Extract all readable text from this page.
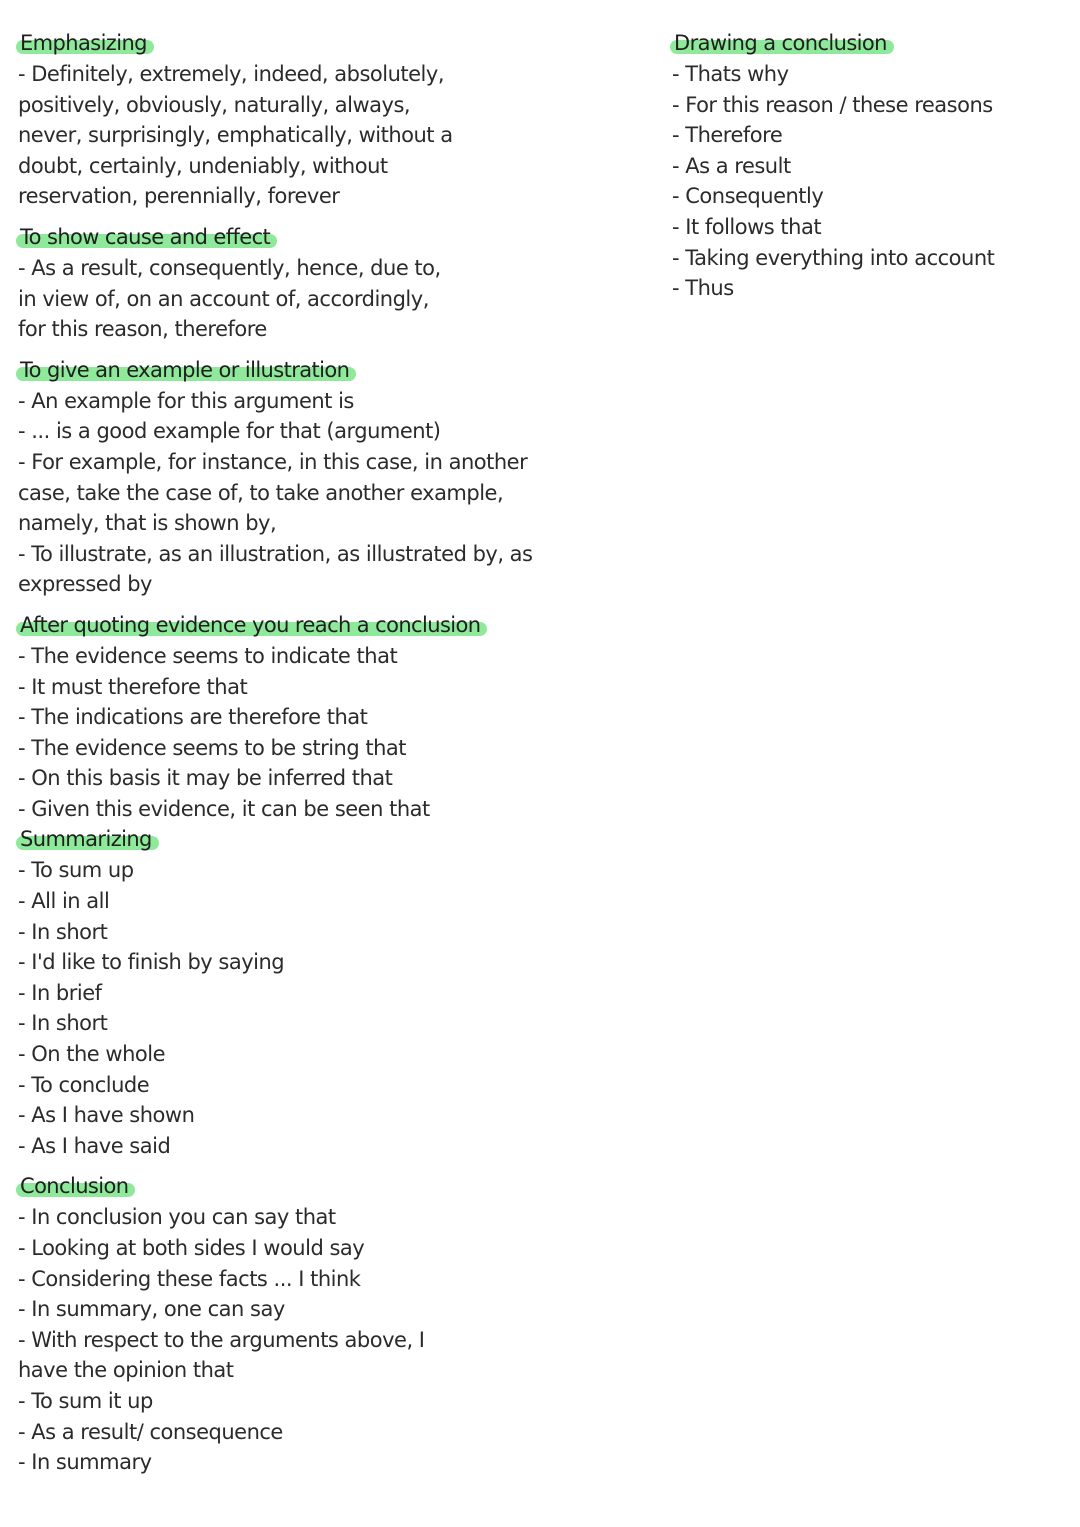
Emphasizing

- Definitely, extremely, indeed, absolutely, positively, obviously, naturally, always, never, surprisingly, emphatically, without a doubt, certainly, undeniably, without reservation, perennially, forever

To show cause and effect

- As a result, consequently, hence, due to, in view of, on an account of, accordingly, for this reason, therefore

To give an example or illustration

- An example for this argument is

- ... is a good example for that (argument)

- For example, for instance, in this case, in another case, take the case of, to take another example, namely, that is shown by,

- To illustrate, as an illustration, as illustrated by, as expressed by

After quoting evidence you reach a conclusion

- The evidence seems to indicate that

- It must therefore that

- The indications are therefore that

- The evidence seems to be string that

- On this basis it may be inferred that

- Given this evidence, it can be seen that

Summarizing

- To sum up

- All in all

- In short

- I'd like to finish by saying

- In brief

- In short

- On the whole

- To conclude

- As I have shown

- As I have said

Conclusion

- In conclusion you can say that

- Looking at both sides I would say

- Considering these facts ... I think

- In summary, one can say

- With respect to the arguments above, I have the opinion that

- To sum it up

- As a result/ consequence

- In summary

Drawing a conclusion

- Thats why

- For this reason / these reasons

- Therefore

- As a result

- Consequently

- It follows that

- Taking everything into account

- Thus
